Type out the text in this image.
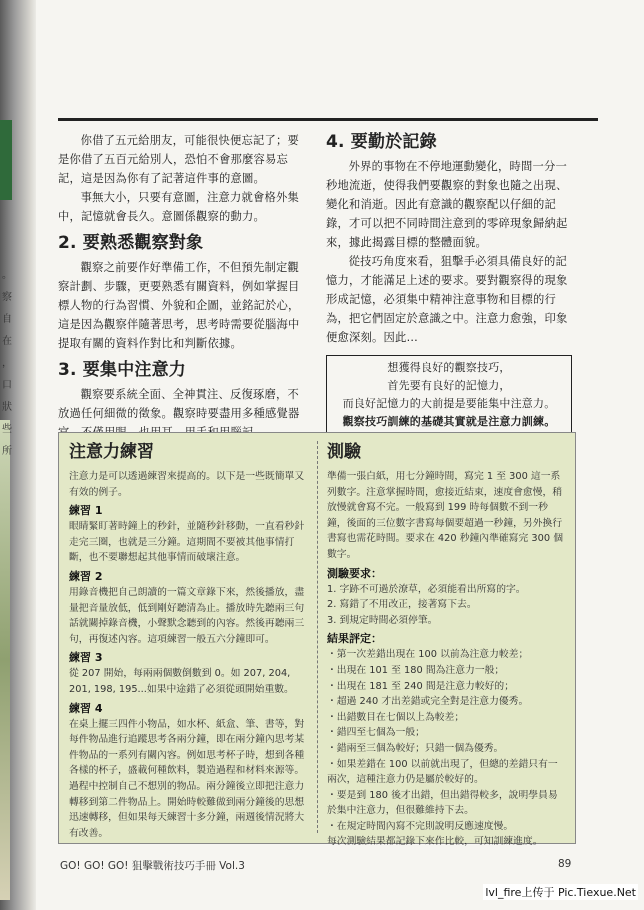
。
察
自
在
，
口
狀
些
所

你借了五元給朋友，可能很快便忘記了；要是你借了五百元給別人，恐怕不會那麼容易忘記，這是因為你有了記著這件事的意圖。

事無大小，只要有意圖，注意力就會格外集中，記憶就會長久。意圖係觀察的動力。

2. 要熟悉觀察對象

觀察之前要作好準備工作，不但預先制定觀察計劃、步驟，更要熟悉有關資料，例如掌握目標人物的行為習慣、外貌和企圖，並銘記於心，這是因為觀察伴隨著思考，思考時需要從腦海中提取有關的資料作對比和判斷依據。

3. 要集中注意力

觀察要系統全面、全神貫注、反復琢磨，不放過任何細微的徵象。觀察時要盡用多種感覺器

4. 要勤於記錄

外界的事物在不停地運動變化，時間一分一秒地流逝，使得我們要觀察的對象也隨之出現、變化和消逝。因此有意識的觀察配以仔細的記錄，才可以把不同時間注意到的零碎現象歸納起來，據此揭露目標的整體面貌。

從技巧角度來看，狙擊手必須具備良好的記憶力，才能滿足上述的要求。要對觀察得的現象形成記憶，必須集中精神注意事物和目標的行為，把它們固定於意識之中。注意力愈強，印象便愈深刻。因此…

想獲得良好的觀察技巧，
首先要有良好的記憶力，
而良好記憶力的大前提是要能集中注意力。
觀察技巧訓練的基礎其實就是注意力訓練。
注意力練習

注意力是可以透過練習來提高的。以下是一些既簡單又有效的例子。

練習 1

眼睛緊盯著時鐘上的秒針，並隨秒針移動，一直看秒針走完三圈，也就是三分鐘。這期間不要被其他事情打斷，也不要聯想起其他事情而破壞注意。

練習 2

用錄音機把自己朗讀的一篇文章錄下來，然後播放，盡量把音量放低，低到剛好聽清為止。播放時先聽兩三句話就關掉錄音機，小聲默念聽到的內容。然後再聽兩三句，再復述內容。這項練習一般五六分鐘即可。

練習 3

從 207 開始，每兩兩個數倒數到 0。如 207, 204, 201, 198, 195...如果中途錯了必須從頭開始重數。

練習 4

在桌上擺三四件小物品，如水杯、紙盒、筆、書等，對每件物品進行追蹤思考各兩分鐘，即在兩分鐘內思考某件物品的一系列有關內容。例如思考杯子時，想到各種各樣的杯子，盛載何種飲料，製造過程和材料來源等。過程中控制自己不想別的物品。兩分鐘後立即把注意力轉移到第二件物品上。開始時較難做到兩分鐘後的思想迅速轉移，但如果每天練習十多分鐘，兩週後情況將大有改善。

測驗

準備一張白紙，用七分鐘時間，寫完 1 至 300 這一系列數字。注意掌握時間，愈接近結束，速度會愈慢，稍放慢就會寫不完。一般寫到 199 時每個數不到一秒鐘，後面的三位數字書寫每個要超過一秒鐘，另外換行書寫也需花時間。要求在 420 秒鐘內準確寫完 300 個數字。

測驗要求：

1. 字跡不可過於潦草，必須能看出所寫的字。

2. 寫錯了不用改正，接著寫下去。

3. 到規定時間必須停筆。

結果評定：

・第一次差錯出現在 100 以前為注意力較差；

・出現在 101 至 180 間為注意力一般；

・出現在 181 至 240 間是注意力較好的；

・超過 240 才出差錯或完全對是注意力優秀。

・出錯數目在七個以上為較差；

・錯四至七個為一般；

・錯兩至三個為較好；只錯一個為優秀。

・如果差錯在 100 以前就出現了，但總的差錯只有一兩次，這種注意力仍是屬於較好的。

・要是到 180 後才出錯，但出錯得較多，說明學員易於集中注意力，但很難維持下去。

・在規定時間內寫不完則說明反應速度慢。

每次測驗結果都記錄下來作比較，可知訓練進度。

GO! GO! GO! 狙擊戰術技巧手冊 Vol.3	89
lvl_fire上传于 Pic.Tiexue.Net
